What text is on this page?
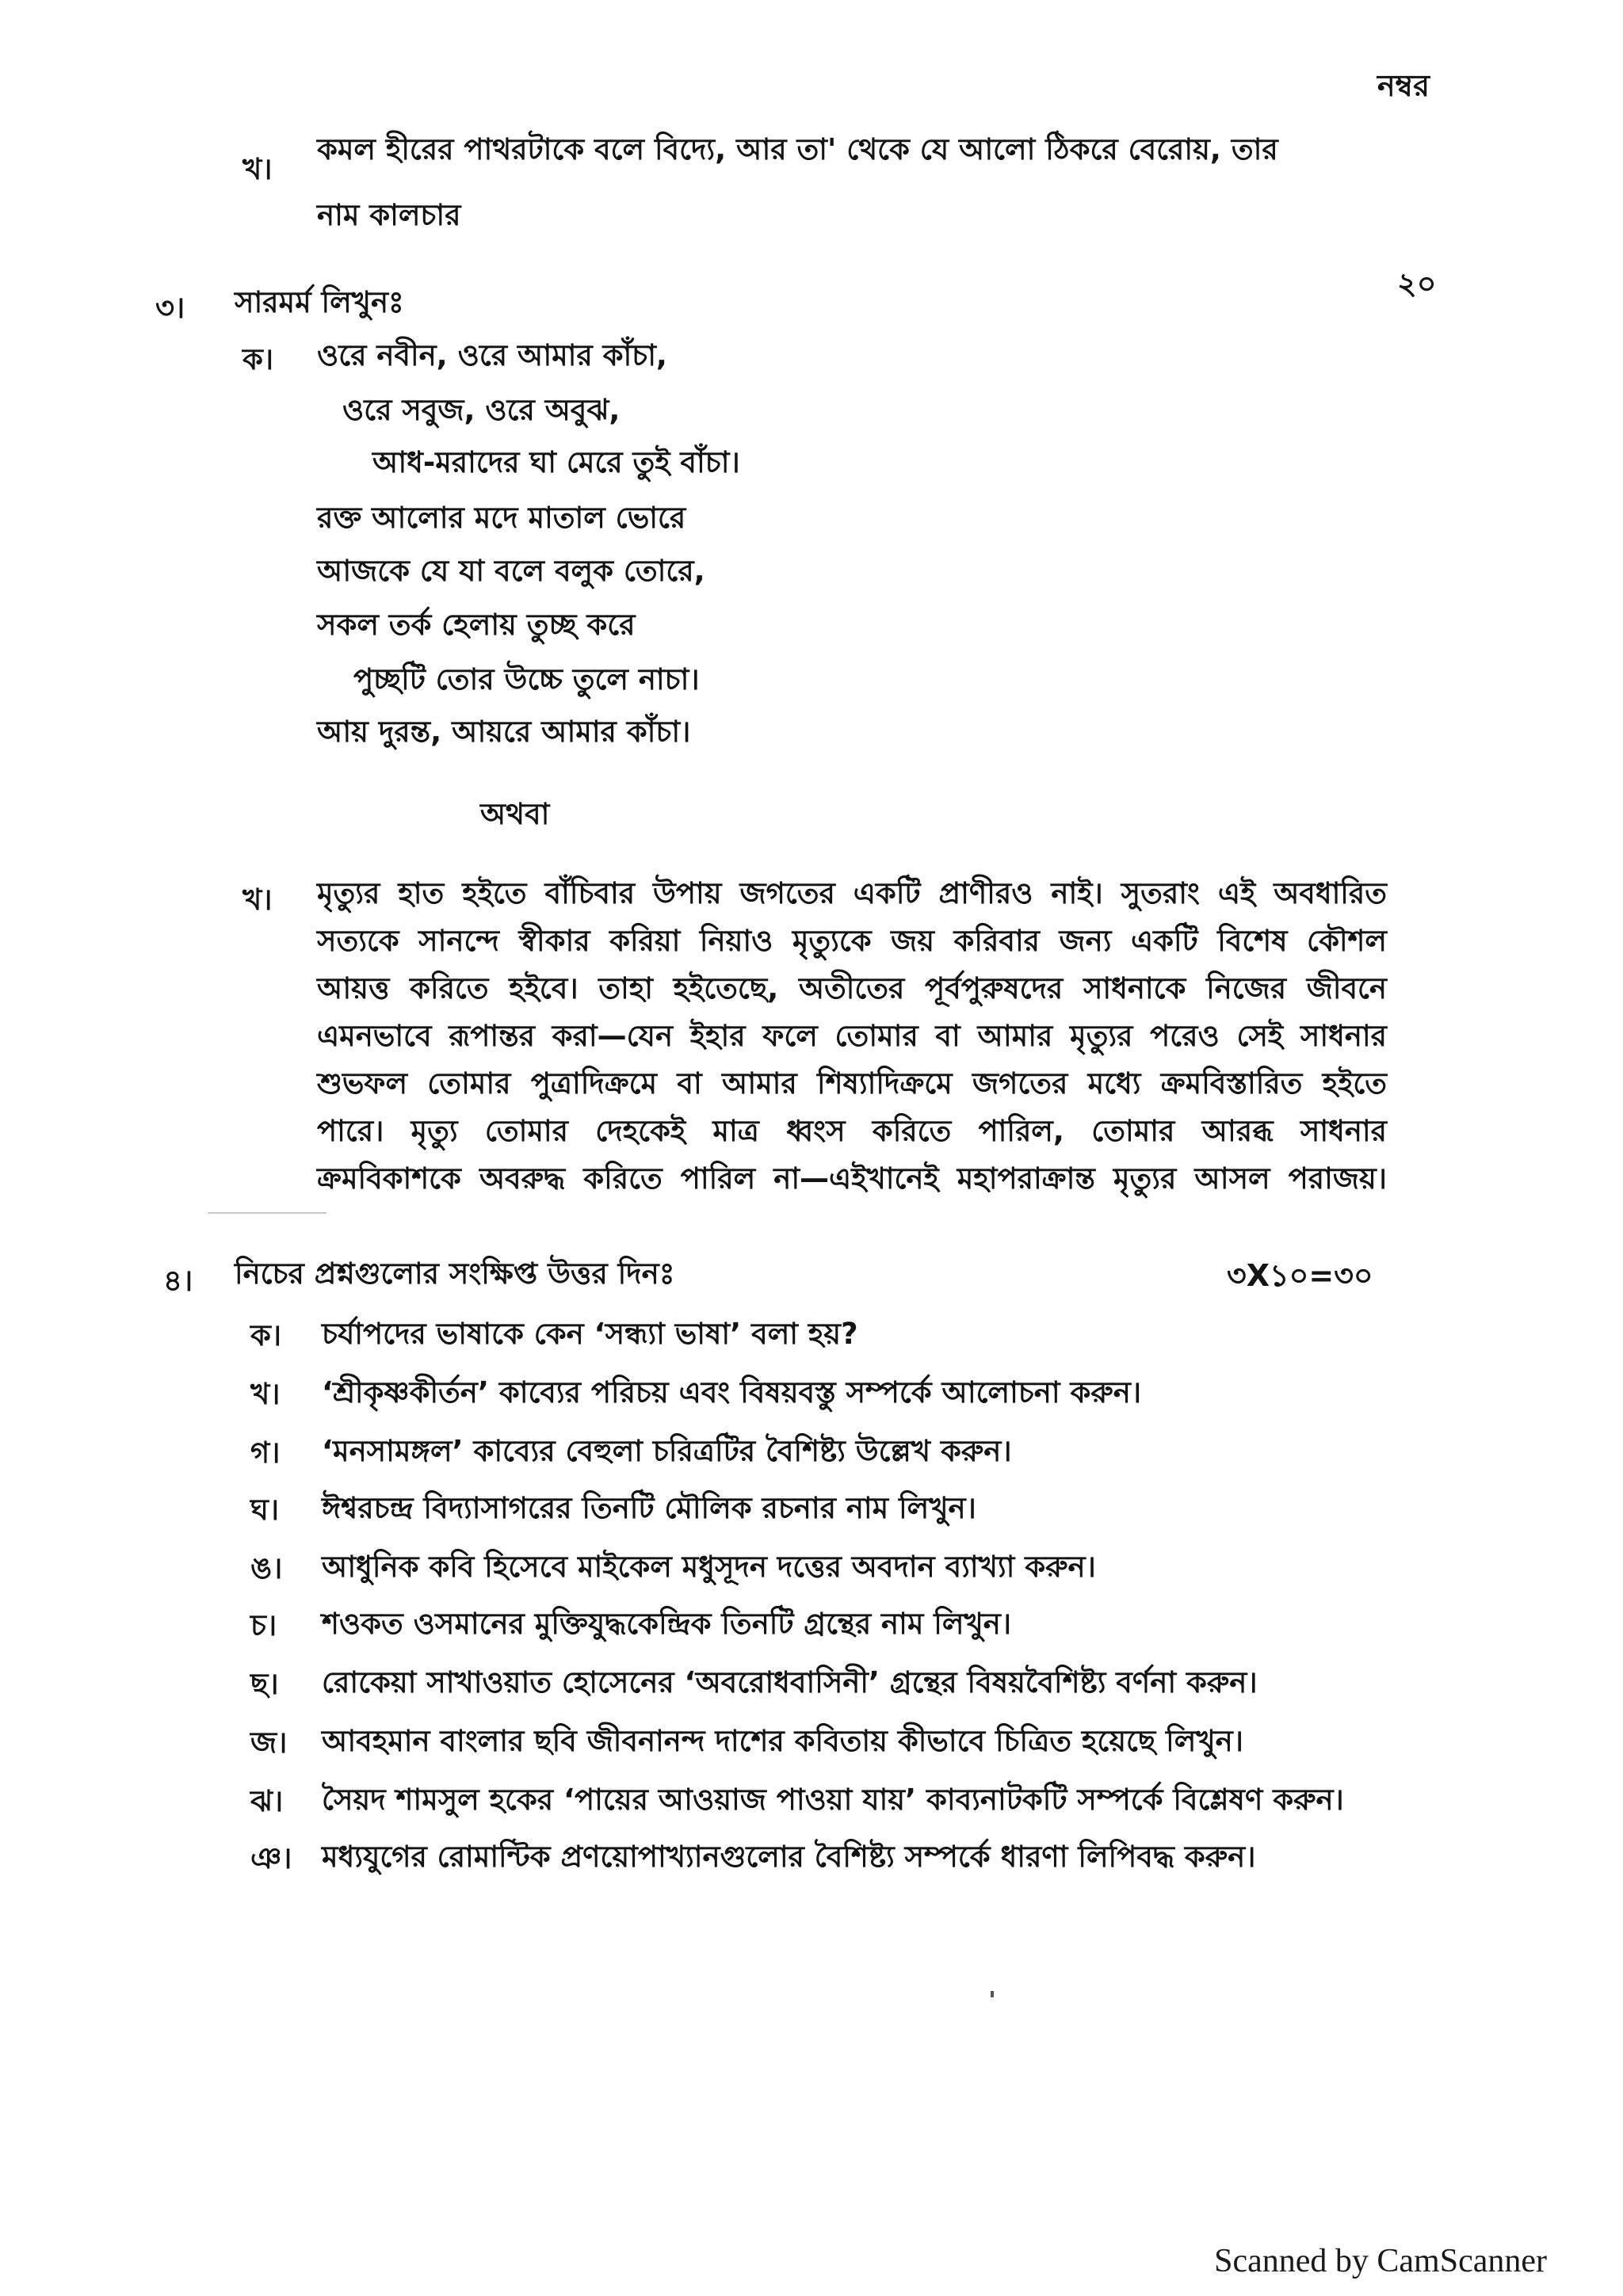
নম্বর
খ।
কমল হীরের পাথরটাকে বলে বিদ্যে, আর তা' থেকে যে আলো ঠিকরে বেরোয়, তার
নাম কালচার
৩। সারমর্ম লিখুনঃ
২০
ক। ওরে নবীন, ওরে আমার কাঁচা,
ওরে সবুজ, ওরে অবুঝ,
আধ-মরাদের ঘা মেরে তুই বাঁচা।
রক্ত আলোর মদে মাতাল ভোরে
আজকে যে যা বলে বলুক তোরে,
সকল তর্ক হেলায় তুচ্ছ করে
পুচ্ছটি তোর উচ্চে তুলে নাচা।
আয় দুরন্ত, আয়রে আমার কাঁচা।
অথবা
খ। মৃত্যুর হাত হইতে বাঁচিবার উপায় জগতের একটি প্রাণীরও নাই। সুতরাং এই অবধারিত
সত্যকে সানন্দে স্বীকার করিয়া নিয়াও মৃত্যুকে জয় করিবার জন্য একটি বিশেষ কৌশল
আয়ত্ত করিতে হইবে। তাহা হইতেছে, অতীতের পূর্বপুরুষদের সাধনাকে নিজের জীবনে
এমনভাবে রূপান্তর করা—যেন ইহার ফলে তোমার বা আমার মৃত্যুর পরেও সেই সাধনার
শুভফল তোমার পুত্রাদিক্রমে বা আমার শিষ্যাদিক্রমে জগতের মধ্যে ক্রমবিস্তারিত হইতে
পারে। মৃত্যু তোমার দেহকেই মাত্র ধ্বংস করিতে পারিল, তোমার আরব্ধ সাধনার
ক্রমবিকাশকে অবরুদ্ধ করিতে পারিল না—এইখানেই মহাপরাক্রান্ত মৃত্যুর আসল পরাজয়।
৪। নিচের প্রশ্নগুলোর সংক্ষিপ্ত উত্তর দিনঃ	৩X১০=৩০
ক। চর্যাপদের ভাষাকে কেন ‘সন্ধ্যা ভাষা’ বলা হয়?
খ। ‘শ্রীকৃষ্ণকীর্তন’ কাব্যের পরিচয় এবং বিষয়বস্তু সম্পর্কে আলোচনা করুন।
গ। ‘মনসামঙ্গল’ কাব্যের বেহুলা চরিত্রটির বৈশিষ্ট্য উল্লেখ করুন।
ঘ। ঈশ্বরচন্দ্র বিদ্যাসাগরের তিনটি মৌলিক রচনার নাম লিখুন।
ঙ। আধুনিক কবি হিসেবে মাইকেল মধুসূদন দত্তের অবদান ব্যাখ্যা করুন।
চ। শওকত ওসমানের মুক্তিযুদ্ধকেন্দ্রিক তিনটি গ্রন্থের নাম লিখুন।
ছ। রোকেয়া সাখাওয়াত হোসেনের ‘অবরোধবাসিনী’ গ্রন্থের বিষয়বৈশিষ্ট্য বর্ণনা করুন।
জ। আবহমান বাংলার ছবি জীবনানন্দ দাশের কবিতায় কীভাবে চিত্রিত হয়েছে লিখুন।
ঝ। সৈয়দ শামসুল হকের ‘পায়ের আওয়াজ পাওয়া যায়’ কাব্যনাটকটি সম্পর্কে বিশ্লেষণ করুন।
ঞ। মধ্যযুগের রোমান্টিক প্রণয়োপাখ্যানগুলোর বৈশিষ্ট্য সম্পর্কে ধারণা লিপিবদ্ধ করুন।
Scanned by CamScanner
